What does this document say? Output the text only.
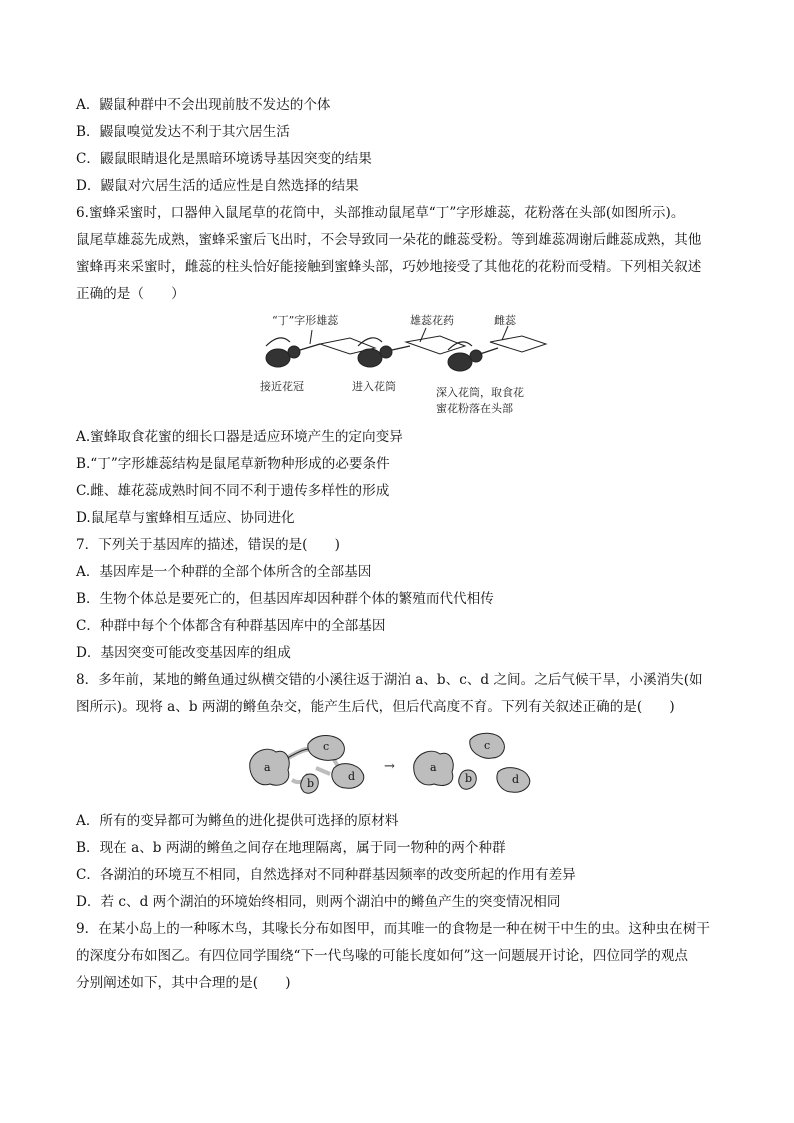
A．鼹鼠种群中不会出现前肢不发达的个体
B．鼹鼠嗅觉发达不利于其穴居生活
C．鼹鼠眼睛退化是黑暗环境诱导基因突变的结果
D．鼹鼠对穴居生活的适应性是自然选择的结果
6.蜜蜂采蜜时，口器伸入鼠尾草的花筒中，头部推动鼠尾草“丁”字形雄蕊，花粉落在头部(如图所示)。
鼠尾草雄蕊先成熟，蜜蜂采蜜后飞出时，不会导致同一朵花的雌蕊受粉。等到雄蕊凋谢后雌蕊成熟，其他
蜜蜂再来采蜜时，雌蕊的柱头恰好能接触到蜜蜂头部，巧妙地接受了其他花的花粉而受精。下列相关叙述
正确的是（　　）
“丁”字形雄蕊	雄蕊花药	雌蕊
接近花冠	进入花筒	深入花筒，取食花
蜜花粉落在头部
A.蜜蜂取食花蜜的细长口器是适应环境产生的定向变异
B.“丁”字形雄蕊结构是鼠尾草新物种形成的必要条件
C.雌、雄花蕊成熟时间不同不利于遗传多样性的形成
D.鼠尾草与蜜蜂相互适应、协同进化
7．下列关于基因库的描述，错误的是(　　)
A．基因库是一个种群的全部个体所含的全部基因
B．生物个体总是要死亡的，但基因库却因种群个体的繁殖而代代相传
C．种群中每个个体都含有种群基因库中的全部基因
D．基因突变可能改变基因库的组成
8．多年前，某地的鳉鱼通过纵横交错的小溪往返于湖泊 a、b、c、d 之间。之后气候干旱，小溪消失(如
图所示)。现将 a、b 两湖的鳉鱼杂交，能产生后代，但后代高度不育。下列有关叙述正确的是(　　)
→
a
b
c
d
a
b
c
d
A．所有的变异都可为鳉鱼的进化提供可选择的原材料
B．现在 a、b 两湖的鳉鱼之间存在地理隔离，属于同一物种的两个种群
C．各湖泊的环境互不相同，自然选择对不同种群基因频率的改变所起的作用有差异
D．若 c、d 两个湖泊的环境始终相同，则两个湖泊中的鳉鱼产生的突变情况相同
9．在某小岛上的一种啄木鸟，其喙长分布如图甲，而其唯一的食物是一种在树干中生的虫。这种虫在树干
的深度分布如图乙。有四位同学围绕“下一代鸟喙的可能长度如何”这一问题展开讨论，四位同学的观点
分别阐述如下，其中合理的是(　　)
